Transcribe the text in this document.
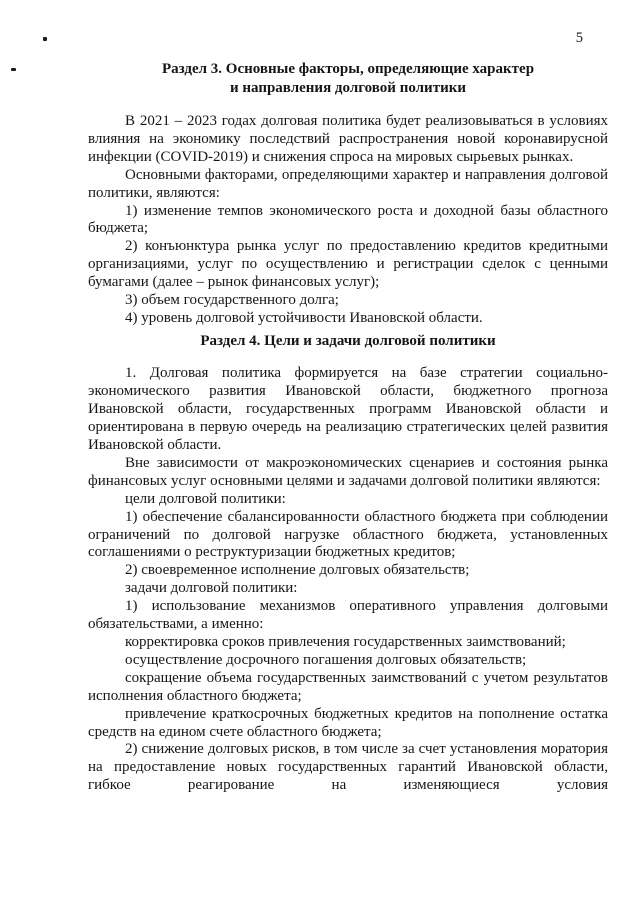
5
Раздел 3. Основные факторы, определяющие характер
и направления долговой политики

В 2021 – 2023 годах долговая политика будет реализовываться в условиях влияния на экономику последствий распространения новой коронавирусной инфекции (COVID-2019) и снижения спроса на мировых сырьевых рынках.

Основными факторами, определяющими характер и направления долговой политики, являются:

1) изменение темпов экономического роста и доходной базы областного бюджета;

2) конъюнктура рынка услуг по предоставлению кредитов кредитными организациями, услуг по осуществлению и регистрации сделок с ценными бумагами (далее – рынок финансовых услуг);

3) объем государственного долга;

4) уровень долговой устойчивости Ивановской области.

Раздел 4. Цели и задачи долговой политики

1. Долговая политика формируется на базе стратегии социально-экономического развития Ивановской области, бюджетного прогноза Ивановской области, государственных программ Ивановской области и ориентирована в первую очередь на реализацию стратегических целей развития Ивановской области.

Вне зависимости от макроэкономических сценариев и состояния рынка финансовых услуг основными целями и задачами долговой политики являются:

цели долговой политики:

1) обеспечение сбалансированности областного бюджета при соблюдении ограничений по долговой нагрузке областного бюджета, установленных соглашениями о реструктуризации бюджетных кредитов;

2) своевременное исполнение долговых обязательств;

задачи долговой политики:

1) использование механизмов оперативного управления долговыми обязательствами, а именно:

корректировка сроков привлечения государственных заимствований;

осуществление досрочного погашения долговых обязательств;

сокращение объема государственных заимствований с учетом результатов исполнения областного бюджета;

привлечение краткосрочных бюджетных кредитов на пополнение остатка средств на едином счете областного бюджета;

2) снижение долговых рисков, в том числе за счет установления моратория на предоставление новых государственных гарантий Ивановской области, гибкое реагирование на изменяющиеся условия
